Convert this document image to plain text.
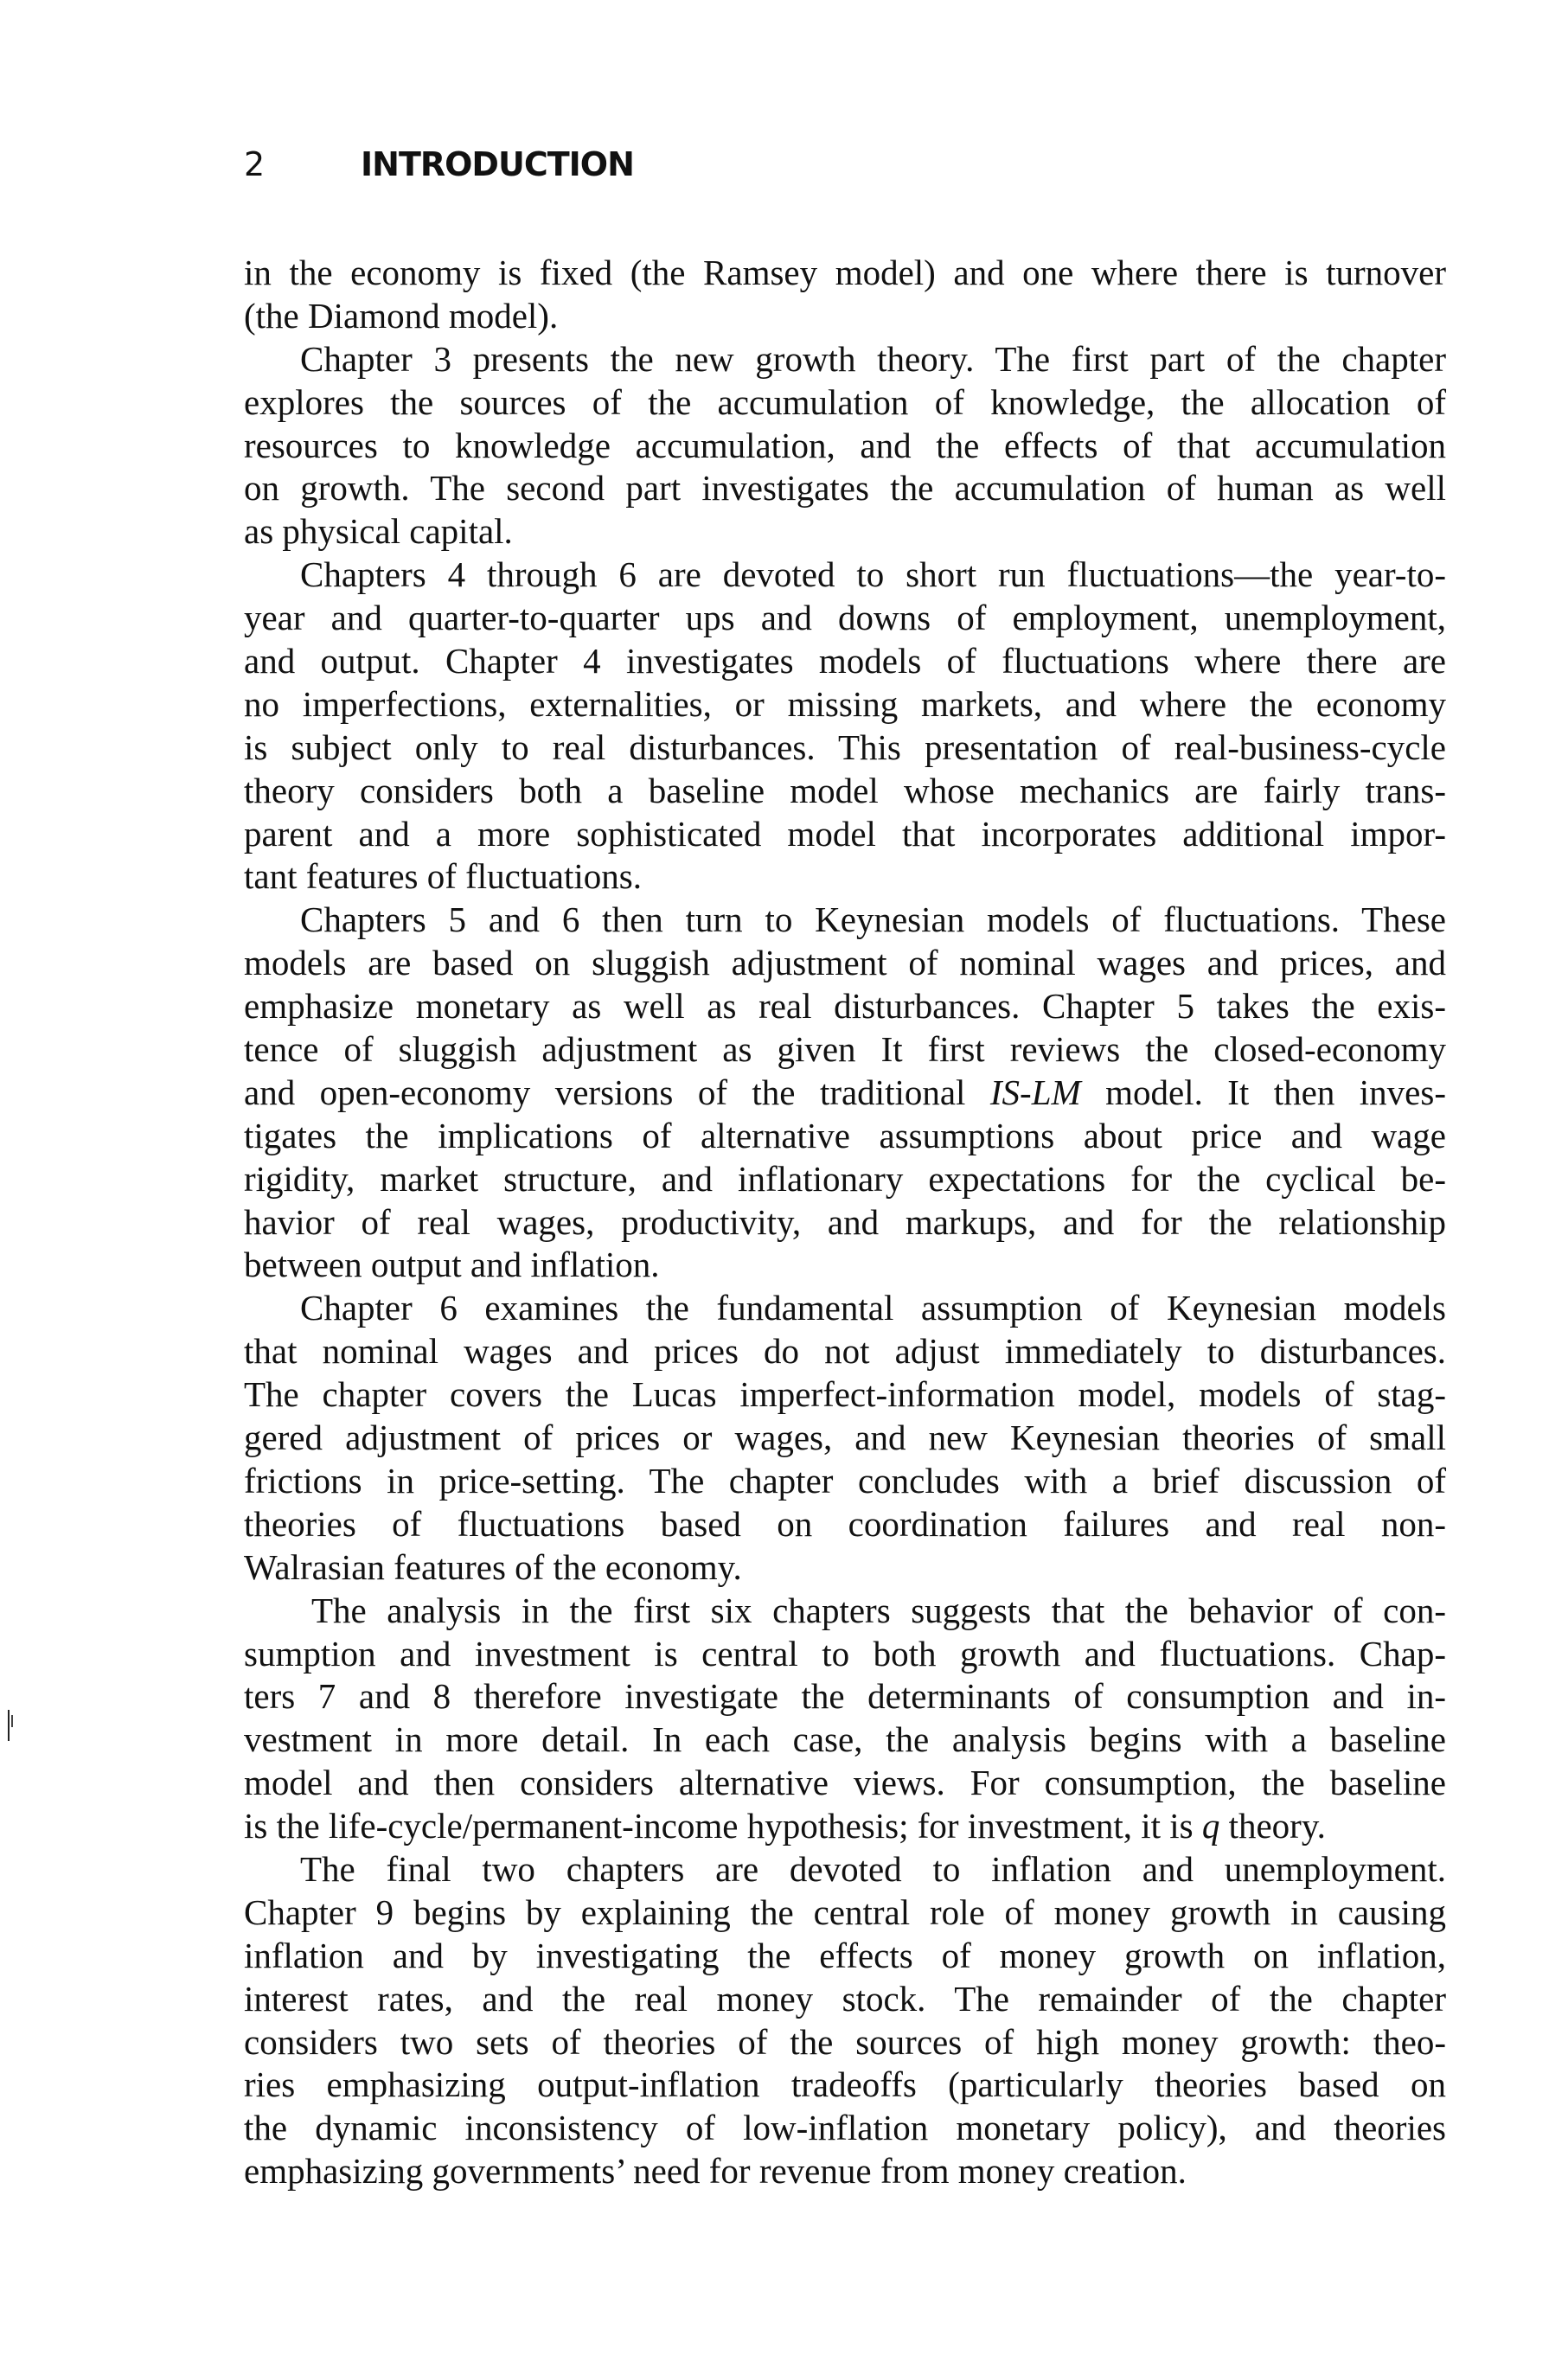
2	INTRODUCTION
in the economy is fixed (the Ramsey model) and one where there is turnover
(the Diamond model).
Chapter 3 presents the new growth theory. The first part of the chapter
explores the sources of the accumulation of knowledge, the allocation of
resources to knowledge accumulation, and the effects of that accumulation
on growth. The second part investigates the accumulation of human as well
as physical capital.
Chapters 4 through 6 are devoted to short run fluctuations—the year-to-
year and quarter-to-quarter ups and downs of employment, unemployment,
and output. Chapter 4 investigates models of fluctuations where there are
no imperfections, externalities, or missing markets, and where the economy
is subject only to real disturbances. This presentation of real-business-cycle
theory considers both a baseline model whose mechanics are fairly trans-
parent and a more sophisticated model that incorporates additional impor-
tant features of fluctuations.
Chapters 5 and 6 then turn to Keynesian models of fluctuations. These
models are based on sluggish adjustment of nominal wages and prices, and
emphasize monetary as well as real disturbances. Chapter 5 takes the exis-
tence of sluggish adjustment as given It first reviews the closed-economy
and open-economy versions of the traditional IS-LM model. It then inves-
tigates the implications of alternative assumptions about price and wage
rigidity, market structure, and inflationary expectations for the cyclical be-
havior of real wages, productivity, and markups, and for the relationship
between output and inflation.
Chapter 6 examines the fundamental assumption of Keynesian models
that nominal wages and prices do not adjust immediately to disturbances.
The chapter covers the Lucas imperfect-information model, models of stag-
gered adjustment of prices or wages, and new Keynesian theories of small
frictions in price-setting. The chapter concludes with a brief discussion of
theories of fluctuations based on coordination failures and real non-
Walrasian features of the economy.
The analysis in the first six chapters suggests that the behavior of con-
sumption and investment is central to both growth and fluctuations. Chap-
ters 7 and 8 therefore investigate the determinants of consumption and in-
vestment in more detail. In each case, the analysis begins with a baseline
model and then considers alternative views. For consumption, the baseline
is the life-cycle/permanent-income hypothesis; for investment, it is q theory.
The final two chapters are devoted to inflation and unemployment.
Chapter 9 begins by explaining the central role of money growth in causing
inflation and by investigating the effects of money growth on inflation,
interest rates, and the real money stock. The remainder of the chapter
considers two sets of theories of the sources of high money growth: theo-
ries emphasizing output-inflation tradeoffs (particularly theories based on
the dynamic inconsistency of low-inflation monetary policy), and theories
emphasizing governments’ need for revenue from money creation.
